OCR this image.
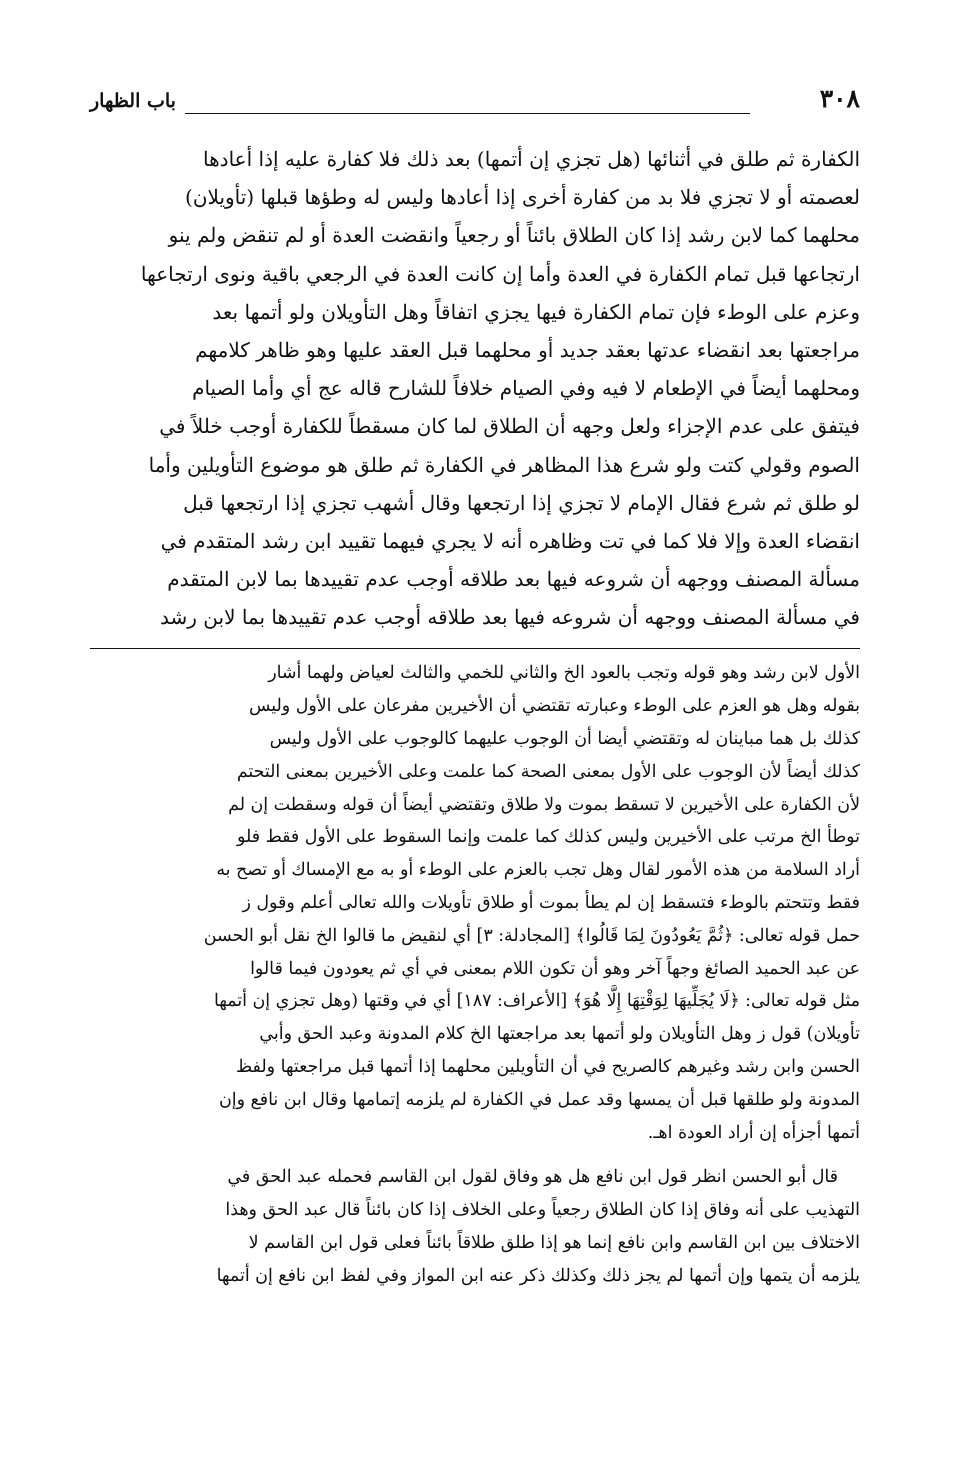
٣٠٨
باب الظهار
الكفارة ثم طلق في أثنائها (هل تجزي إن أتمها) بعد ذلك فلا كفارة عليه إذا أعادها
لعصمته أو لا تجزي فلا بد من كفارة أخرى إذا أعادها وليس له وطؤها قبلها (تأويلان)
محلهما كما لابن رشد إذا كان الطلاق بائناً أو رجعياً وانقضت العدة أو لم تنقض ولم ينو
ارتجاعها قبل تمام الكفارة في العدة وأما إن كانت العدة في الرجعي باقية ونوى ارتجاعها
وعزم على الوطء فإن تمام الكفارة فيها يجزي اتفاقاً وهل التأويلان ولو أتمها بعد
مراجعتها بعد انقضاء عدتها بعقد جديد أو محلهما قبل العقد عليها وهو ظاهر كلامهم
ومحلهما أيضاً في الإطعام لا فيه وفي الصيام خلافاً للشارح قاله عج أي وأما الصيام
فيتفق على عدم الإجزاء ولعل وجهه أن الطلاق لما كان مسقطاً للكفارة أوجب خللاً في
الصوم وقولي كتت ولو شرع هذا المظاهر في الكفارة ثم طلق هو موضوع التأويلين وأما
لو طلق ثم شرع فقال الإمام لا تجزي إذا ارتجعها وقال أشهب تجزي إذا ارتجعها قبل
انقضاء العدة وإلا فلا كما في تت وظاهره أنه لا يجري فيهما تقييد ابن رشد المتقدم في
مسألة المصنف ووجهه أن شروعه فيها بعد طلاقه أوجب عدم تقييدها بما لابن المتقدم
في مسألة المصنف ووجهه أن شروعه فيها بعد طلاقه أوجب عدم تقييدها بما لابن رشد
الأول لابن رشد وهو قوله وتجب بالعود الخ والثاني للخمي والثالث لعياض ولهما أشار
بقوله وهل هو العزم على الوطء وعبارته تقتضي أن الأخيرين مفرعان على الأول وليس
كذلك بل هما مباينان له وتقتضي أيضا أن الوجوب عليهما كالوجوب على الأول وليس
كذلك أيضاً لأن الوجوب على الأول بمعنى الصحة كما علمت وعلى الأخيرين بمعنى التحتم
لأن الكفارة على الأخيرين لا تسقط بموت ولا طلاق وتقتضي أيضاً أن قوله وسقطت إن لم
توطأ الخ مرتب على الأخيرين وليس كذلك كما علمت وإنما السقوط على الأول فقط فلو
أراد السلامة من هذه الأمور لقال وهل تجب بالعزم على الوطء أو به مع الإمساك أو تصح به
فقط وتتحتم بالوطء فتسقط إن لم يطأ بموت أو طلاق تأويلات والله تعالى أعلم وقول ز
حمل قوله تعالى: ﴿ثُمَّ يَعُودُونَ لِمَا قَالُوا﴾ [المجادلة: ٣] أي لنقيض ما قالوا الخ نقل أبو الحسن
عن عبد الحميد الصائغ وجهاً آخر وهو أن تكون اللام بمعنى في أي ثم يعودون فيما قالوا
مثل قوله تعالى: ﴿لَا يُجَلِّيهَا لِوَقْتِهَا إِلَّا هُوَ﴾ [الأعراف: ١٨٧] أي في وقتها (وهل تجزي إن أتمها
تأويلان) قول ز وهل التأويلان ولو أتمها بعد مراجعتها الخ كلام المدونة وعبد الحق وأبي
الحسن وابن رشد وغيرهم كالصريح في أن التأويلين محلهما إذا أتمها قبل مراجعتها ولفظ
المدونة ولو طلقها قبل أن يمسها وقد عمل في الكفارة لم يلزمه إتمامها وقال ابن نافع وإن
أتمها أجزأه إن أراد العودة اهـ.
قال أبو الحسن انظر قول ابن نافع هل هو وفاق لقول ابن القاسم فحمله عبد الحق في
التهذيب على أنه وفاق إذا كان الطلاق رجعياً وعلى الخلاف إذا كان بائناً قال عبد الحق وهذا
الاختلاف بين ابن القاسم وابن نافع إنما هو إذا طلق طلاقاً بائناً فعلى قول ابن القاسم لا
يلزمه أن يتمها وإن أتمها لم يجز ذلك وكذلك ذكر عنه ابن المواز وفي لفظ ابن نافع إن أتمها
